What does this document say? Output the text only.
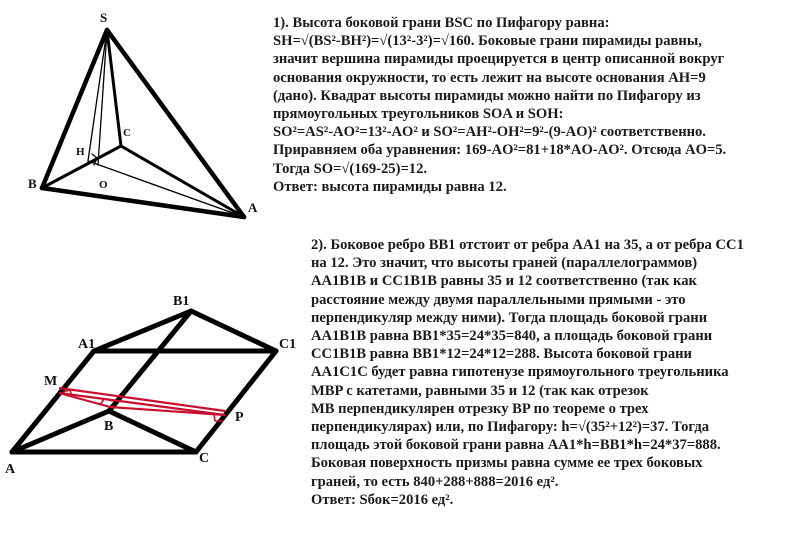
S
B
A
C
H
O
A
B
C
A1
B1
C1
M
P
1). Высота боковой грани BSC по Пифагору равна:
SH=√(BS²-BH²)=√(13²-3²)=√160. Боковые грани пирамиды равны,
значит вершина пирамиды проецируется в центр описанной вокруг
основания окружности, то есть лежит на высоте основания AH=9
(дано). Квадрат высоты пирамиды можно найти по Пифагору из
прямоугольных треугольников SOA и SOH:
SO²=AS²-AO²=13²-AO² и SO²=AH²-OH²=9²-(9-AO)² соответственно.
Приравняем оба уравнения: 169-AO²=81+18*AO-AO². Отсюда AO=5.
Тогда SO=√(169-25)=12.
Ответ: высота пирамиды равна 12.
2). Боковое ребро BB1 отстоит от ребра AA1 на 35, а от ребра CC1
на 12. Это значит, что высоты граней (параллелограммов)
AA1B1B и CC1B1B равны 35 и 12 соответственно (так как
расстояние между двумя параллельными прямыми - это
перпендикуляр между ними). Тогда площадь боковой грани
AA1B1B равна BB1*35=24*35=840, а площадь боковой грани
CC1B1B равна BB1*12=24*12=288. Высота боковой грани
AA1C1C будет равна гипотенузе прямоугольного треугольника
MBP с катетами, равными 35 и 12 (так как отрезок
MB перпендикулярен отрезку BP по теореме о трех
перпендикулярах) или, по Пифагору: h=√(35²+12²)=37. Тогда
площадь этой боковой грани равна AA1*h=BB1*h=24*37=888.
Боковая поверхность призмы равна сумме ее трех боковых
граней, то есть 840+288+888=2016 ед².
Ответ: Sбок=2016 ед².
